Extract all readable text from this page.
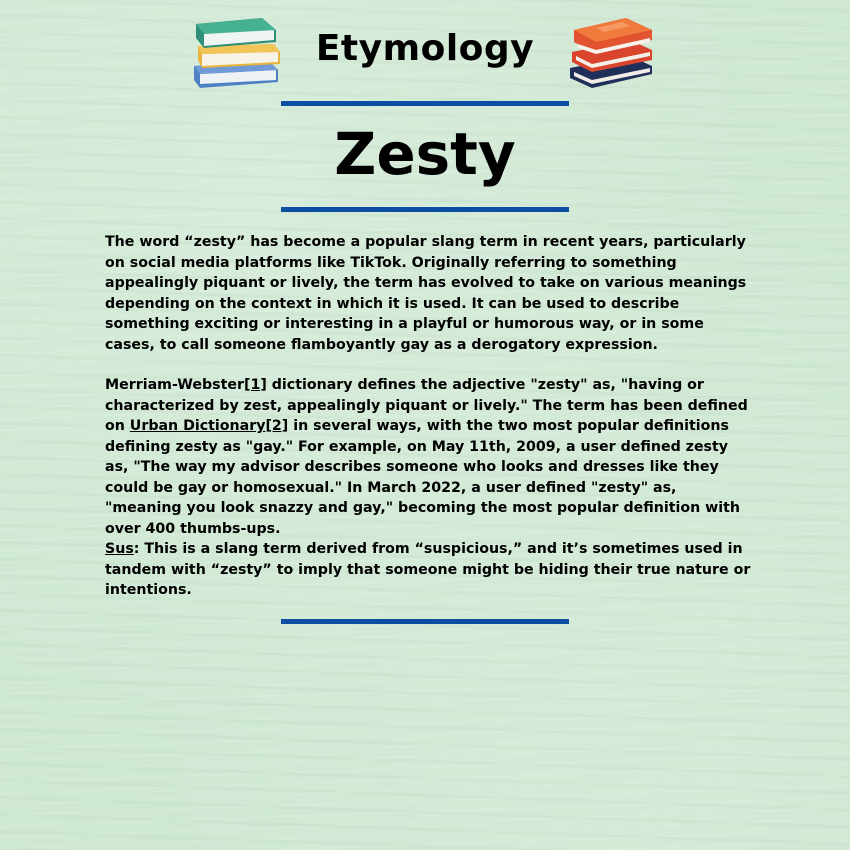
Etymology
Zesty
The word “zesty” has become a popular slang term in recent years, particularly on social media platforms like TikTok. Originally referring to something appealingly piquant or lively, the term has evolved to take on various meanings depending on the context in which it is used. It can be used to describe something exciting or interesting in a playful or humorous way, or in some cases, to call someone flamboyantly gay as a derogatory expression.
Merriam-Webster[1] dictionary defines the adjective "zesty" as, "having or characterized by zest, appealingly piquant or lively." The term has been defined on Urban Dictionary[2] in several ways, with the two most popular definitions defining zesty as "gay." For example, on May 11th, 2009, a user defined zesty as, "The way my advisor describes someone who looks and dresses like they could be gay or homosexual." In March 2022, a user defined "zesty" as, "meaning you look snazzy and gay," becoming the most popular definition with over 400 thumbs-ups.
Sus: This is a slang term derived from “suspicious,” and it’s sometimes used in tandem with “zesty” to imply that someone might be hiding their true nature or intentions.
